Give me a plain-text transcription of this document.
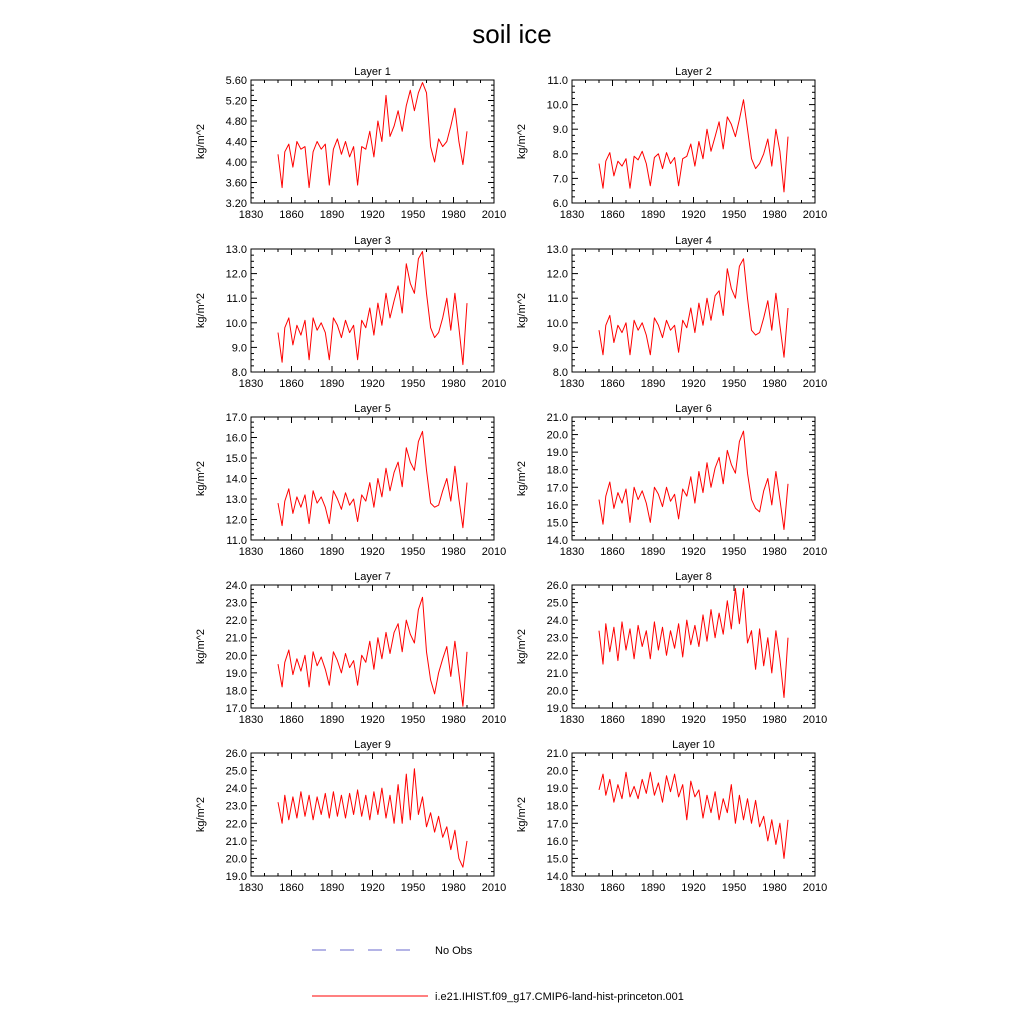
soil ice
Layer 1
kg/m^2
1830 1860 1890 1920 1950 1980 2010
3.20
3.60
4.00
4.40
4.80
5.20
5.60
Layer 2
kg/m^2
1830 1860 1890 1920 1950 1980 2010
6.0
7.0
8.0
9.0
10.0
11.0
Layer 3
kg/m^2
1830 1860 1890 1920 1950 1980 2010
8.0
9.0
10.0
11.0
12.0
13.0
Layer 4
kg/m^2
1830 1860 1890 1920 1950 1980 2010
8.0
9.0
10.0
11.0
12.0
13.0
Layer 5
kg/m^2
1830 1860 1890 1920 1950 1980 2010
11.0
12.0
13.0
14.0
15.0
16.0
17.0
Layer 6
kg/m^2
1830 1860 1890 1920 1950 1980 2010
14.0
15.0
16.0
17.0
18.0
19.0
20.0
21.0
Layer 7
kg/m^2
1830 1860 1890 1920 1950 1980 2010
17.0
18.0
19.0
20.0
21.0
22.0
23.0
24.0
Layer 8
kg/m^2
1830 1860 1890 1920 1950 1980 2010
19.0
20.0
21.0
22.0
23.0
24.0
25.0
26.0
Layer 9
kg/m^2
1830 1860 1890 1920 1950 1980 2010
19.0
20.0
21.0
22.0
23.0
24.0
25.0
26.0
Layer 10
kg/m^2
1830 1860 1890 1920 1950 1980 2010
14.0
15.0
16.0
17.0
18.0
19.0
20.0
21.0
No Obs
i.e21.IHIST.f09_g17.CMIP6-land-hist-princeton.001
